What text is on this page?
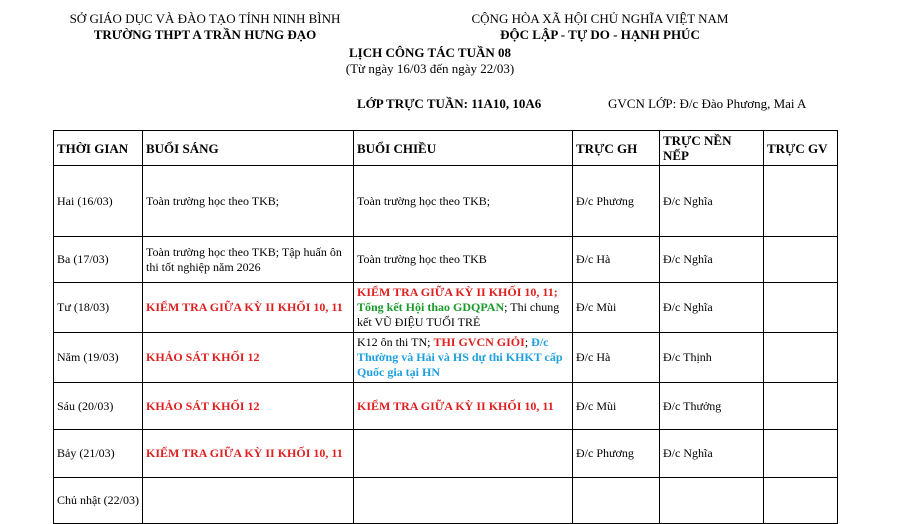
SỞ GIÁO DỤC VÀ ĐÀO TẠO TỈNH NINH BÌNH
TRƯỜNG THPT A TRẦN HƯNG ĐẠO
CỘNG HÒA XÃ HỘI CHỦ NGHĨA VIỆT NAM
ĐỘC LẬP - TỰ DO - HẠNH PHÚC
LỊCH CÔNG TÁC TUẦN 08
(Từ ngày 16/03 đến ngày 22/03)
LỚP TRỰC TUẦN: 11A10, 10A6	GVCN LỚP: Đ/c Đào Phương, Mai A
THỜI GIAN	BUỔI SÁNG	BUỔI CHIỀU	TRỰC GH	TRỰC NỀN NẾP	TRỰC GV
Hai (16/03)	Toàn trường học theo TKB;	Toàn trường học theo TKB;	Đ/c Phương	Đ/c Nghĩa	
Ba (17/03)	Toàn trường học theo TKB; Tập huấn ôn thi tốt nghiệp năm 2026	Toàn trường học theo TKB	Đ/c Hà	Đ/c Nghĩa	
Tư (18/03)	KIỂM TRA GIỮA KỲ II KHỐI 10, 11	KIỂM TRA GIỮA KỲ II KHỐI 10, 11;
Tổng kết Hội thao GDQPAN; Thi chung kết VŨ ĐIỆU TUỔI TRẺ	Đ/c Mùi	Đ/c Nghĩa	
Năm (19/03)	KHẢO SÁT KHỐI 12	K12 ôn thi TN; THI GVCN GIỎI; Đ/c Thường và Hải và HS dự thi KHKT cấp Quốc gia tại HN	Đ/c Hà	Đ/c Thịnh	
Sáu (20/03)	KHẢO SÁT KHỐI 12	KIỂM TRA GIỮA KỲ II KHỐI 10, 11	Đ/c Mùi	Đ/c Thưởng	
Bảy (21/03)	KIỂM TRA GIỮA KỲ II KHỐI 10, 11		Đ/c Phương	Đ/c Nghĩa	
Chủ nhật (22/03)					
